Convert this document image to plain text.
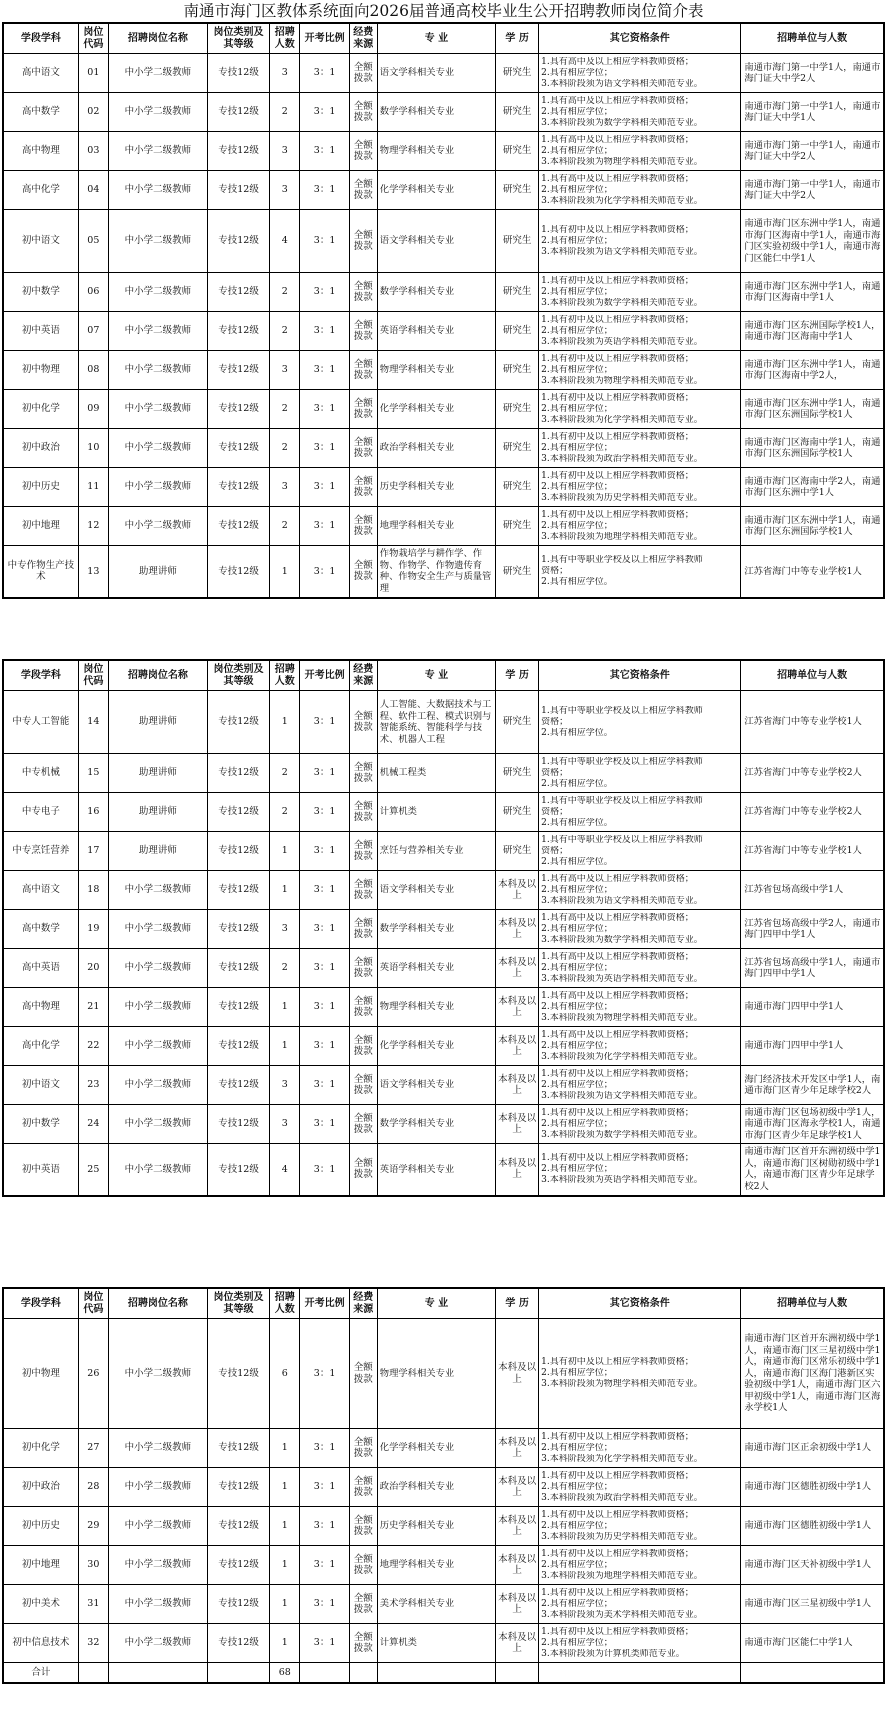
南通市海门区教体系统面向2026届普通高校毕业生公开招聘教师岗位简介表
学段学科	岗位代码	招聘岗位名称	岗位类别及其等级	招聘人数	开考比例	经费来源	专 业	学 历	其它资格条件	招聘单位与人数
高中语文	01	中小学二级教师	专技12级	3	3：1	全额拨款	语文学科相关专业	研究生	1.具有高中及以上相应学科教师资格；
2.具有相应学位；
3.本科阶段须为语文学科相关师范专业。	南通市海门第一中学1人，南通市海门证大中学2人
高中数学	02	中小学二级教师	专技12级	2	3：1	全额拨款	数学学科相关专业	研究生	1.具有高中及以上相应学科教师资格；
2.具有相应学位；
3.本科阶段须为数学学科相关师范专业。	南通市海门第一中学1人，南通市海门证大中学1人
高中物理	03	中小学二级教师	专技12级	3	3：1	全额拨款	物理学科相关专业	研究生	1.具有高中及以上相应学科教师资格；
2.具有相应学位；
3.本科阶段须为物理学科相关师范专业。	南通市海门第一中学1人，南通市海门证大中学2人
高中化学	04	中小学二级教师	专技12级	3	3：1	全额拨款	化学学科相关专业	研究生	1.具有高中及以上相应学科教师资格；
2.具有相应学位；
3.本科阶段须为化学学科相关师范专业。	南通市海门第一中学1人，南通市海门证大中学2人
初中语文	05	中小学二级教师	专技12级	4	3：1	全额拨款	语文学科相关专业	研究生	1.具有初中及以上相应学科教师资格；
2.具有相应学位；
3.本科阶段须为语文学科相关师范专业。	南通市海门区东洲中学1人，南通市海门区海南中学1人，南通市海门区实验初级中学1人，南通市海门区能仁中学1人
初中数学	06	中小学二级教师	专技12级	2	3：1	全额拨款	数学学科相关专业	研究生	1.具有初中及以上相应学科教师资格；
2.具有相应学位；
3.本科阶段须为数学学科相关师范专业。	南通市海门区东洲中学1人，南通市海门区海南中学1人
初中英语	07	中小学二级教师	专技12级	2	3：1	全额拨款	英语学科相关专业	研究生	1.具有初中及以上相应学科教师资格；
2.具有相应学位；
3.本科阶段须为英语学科相关师范专业。	南通市海门区东洲国际学校1人，南通市海门区海南中学1人
初中物理	08	中小学二级教师	专技12级	3	3：1	全额拨款	物理学科相关专业	研究生	1.具有初中及以上相应学科教师资格；
2.具有相应学位；
3.本科阶段须为物理学科相关师范专业。	南通市海门区东洲中学1人，南通市海门区海南中学2人，
初中化学	09	中小学二级教师	专技12级	2	3：1	全额拨款	化学学科相关专业	研究生	1.具有初中及以上相应学科教师资格；
2.具有相应学位；
3.本科阶段须为化学学科相关师范专业。	南通市海门区东洲中学1人，南通市海门区东洲国际学校1人
初中政治	10	中小学二级教师	专技12级	2	3：1	全额拨款	政治学科相关专业	研究生	1.具有初中及以上相应学科教师资格；
2.具有相应学位；
3.本科阶段须为政治学科相关师范专业。	南通市海门区海南中学1人，南通市海门区东洲国际学校1人
初中历史	11	中小学二级教师	专技12级	3	3：1	全额拨款	历史学科相关专业	研究生	1.具有初中及以上相应学科教师资格；
2.具有相应学位；
3.本科阶段须为历史学科相关师范专业。	南通市海门区海南中学2人，南通市海门区东洲中学1人
初中地理	12	中小学二级教师	专技12级	2	3：1	全额拨款	地理学科相关专业	研究生	1.具有初中及以上相应学科教师资格；
2.具有相应学位；
3.本科阶段须为地理学科相关师范专业。	南通市海门区东洲中学1人，南通市海门区东洲国际学校1人
中专作物生产技术	13	助理讲师	专技12级	1	3：1	全额拨款	作物栽培学与耕作学、作物、作物学、作物遗传育种、作物安全生产与质量管理	研究生	1.具有中等职业学校及以上相应学科教师
资格；
2.具有相应学位。	江苏省海门中等专业学校1人
学段学科	岗位代码	招聘岗位名称	岗位类别及其等级	招聘人数	开考比例	经费来源	专 业	学 历	其它资格条件	招聘单位与人数
中专人工智能	14	助理讲师	专技12级	1	3：1	全额拨款	人工智能、大数据技术与工程、软件工程、模式识别与智能系统、智能科学与技术、机器人工程	研究生	1.具有中等职业学校及以上相应学科教师
资格；
2.具有相应学位。	江苏省海门中等专业学校1人
中专机械	15	助理讲师	专技12级	2	3：1	全额拨款	机械工程类	研究生	1.具有中等职业学校及以上相应学科教师
资格；
2.具有相应学位。	江苏省海门中等专业学校2人
中专电子	16	助理讲师	专技12级	2	3：1	全额拨款	计算机类	研究生	1.具有中等职业学校及以上相应学科教师
资格；
2.具有相应学位。	江苏省海门中等专业学校2人
中专烹饪营养	17	助理讲师	专技12级	1	3：1	全额拨款	烹饪与营养相关专业	研究生	1.具有中等职业学校及以上相应学科教师
资格；
2.具有相应学位。	江苏省海门中等专业学校1人
高中语文	18	中小学二级教师	专技12级	1	3：1	全额拨款	语文学科相关专业	本科及以上	1.具有高中及以上相应学科教师资格；
2.具有相应学位；
3.本科阶段须为语文学科相关师范专业。	江苏省包场高级中学1人
高中数学	19	中小学二级教师	专技12级	3	3：1	全额拨款	数学学科相关专业	本科及以上	1.具有高中及以上相应学科教师资格；
2.具有相应学位；
3.本科阶段须为数学学科相关师范专业。	江苏省包场高级中学2人，南通市海门四甲中学1人
高中英语	20	中小学二级教师	专技12级	2	3：1	全额拨款	英语学科相关专业	本科及以上	1.具有高中及以上相应学科教师资格；
2.具有相应学位；
3.本科阶段须为英语学科相关师范专业。	江苏省包场高级中学1人，南通市海门四甲中学1人
高中物理	21	中小学二级教师	专技12级	1	3：1	全额拨款	物理学科相关专业	本科及以上	1.具有高中及以上相应学科教师资格；
2.具有相应学位；
3.本科阶段须为物理学科相关师范专业。	南通市海门四甲中学1人
高中化学	22	中小学二级教师	专技12级	1	3：1	全额拨款	化学学科相关专业	本科及以上	1.具有高中及以上相应学科教师资格；
2.具有相应学位；
3.本科阶段须为化学学科相关师范专业。	南通市海门四甲中学1人
初中语文	23	中小学二级教师	专技12级	3	3：1	全额拨款	语文学科相关专业	本科及以上	1.具有初中及以上相应学科教师资格；
2.具有相应学位；
3.本科阶段须为语文学科相关师范专业。	海门经济技术开发区中学1人，南通市海门区青少年足球学校2人
初中数学	24	中小学二级教师	专技12级	3	3：1	全额拨款	数学学科相关专业	本科及以上	1.具有初中及以上相应学科教师资格；
2.具有相应学位；
3.本科阶段须为数学学科相关师范专业。	南通市海门区包场初级中学1人，南通市海门区海永学校1人，南通市海门区青少年足球学校1人
初中英语	25	中小学二级教师	专技12级	4	3：1	全额拨款	英语学科相关专业	本科及以上	1.具有初中及以上相应学科教师资格；
2.具有相应学位；
3.本科阶段须为英语学科相关师范专业。	南通市海门区首开东洲初级中学1人，南通市海门区树勋初级中学1人，南通市海门区青少年足球学校2人
学段学科	岗位代码	招聘岗位名称	岗位类别及其等级	招聘人数	开考比例	经费来源	专 业	学 历	其它资格条件	招聘单位与人数
初中物理	26	中小学二级教师	专技12级	6	3：1	全额拨款	物理学科相关专业	本科及以上	1.具有初中及以上相应学科教师资格；
2.具有相应学位；
3.本科阶段须为物理学科相关师范专业。	南通市海门区首开东洲初级中学1人，南通市海门区三星初级中学1人，南通市海门区常乐初级中学1人，南通市海门区海门港新区实验初级中学1人，南通市海门区六甲初级中学1人，南通市海门区海永学校1人
初中化学	27	中小学二级教师	专技12级	1	3：1	全额拨款	化学学科相关专业	本科及以上	1.具有初中及以上相应学科教师资格；
2.具有相应学位；
3.本科阶段须为化学学科相关师范专业。	南通市海门区正余初级中学1人
初中政治	28	中小学二级教师	专技12级	1	3：1	全额拨款	政治学科相关专业	本科及以上	1.具有初中及以上相应学科教师资格；
2.具有相应学位；
3.本科阶段须为政治学科相关师范专业。	南通市海门区德胜初级中学1人
初中历史	29	中小学二级教师	专技12级	1	3：1	全额拨款	历史学科相关专业	本科及以上	1.具有初中及以上相应学科教师资格；
2.具有相应学位；
3.本科阶段须为历史学科相关师范专业。	南通市海门区德胜初级中学1人
初中地理	30	中小学二级教师	专技12级	1	3：1	全额拨款	地理学科相关专业	本科及以上	1.具有初中及以上相应学科教师资格；
2.具有相应学位；
3.本科阶段须为地理学科相关师范专业。	南通市海门区天补初级中学1人
初中美术	31	中小学二级教师	专技12级	1	3：1	全额拨款	美术学科相关专业	本科及以上	1.具有初中及以上相应学科教师资格；
2.具有相应学位；
3.本科阶段须为美术学科相关师范专业。	南通市海门区三星初级中学1人
初中信息技术	32	中小学二级教师	专技12级	1	3：1	全额拨款	计算机类	本科及以上	1.具有初中及以上相应学科教师资格；
2.具有相应学位；
3.本科阶段须为计算机类师范专业。	南通市海门区能仁中学1人
合计				68						
